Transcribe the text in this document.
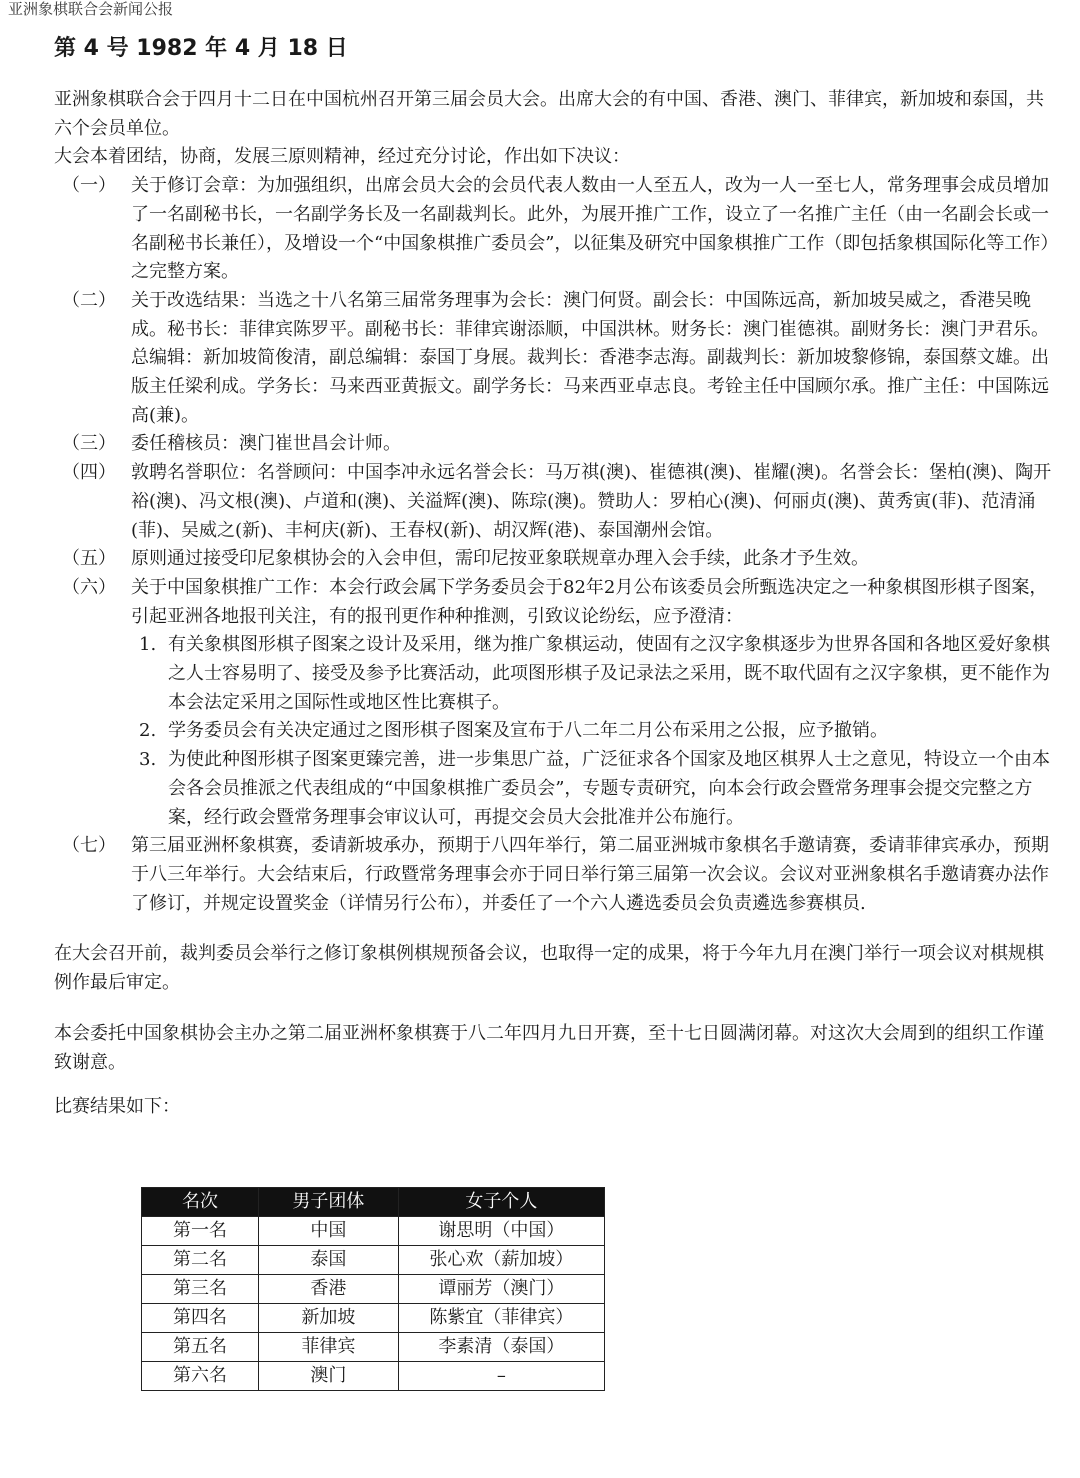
亚洲象棋联合会新闻公报
第 4 号 1982 年 4 月 18 日

亚洲象棋联合会于四月十二日在中国杭州召开第三届会员大会。出席大会的有中国、香港、澳门、菲律宾，新加坡和泰国，共六个会员单位。

大会本着团结，协商，发展三原则精神，经过充分讨论，作出如下决议：

（一） 关于修订会章：为加强组织，出席会员大会的会员代表人数由一人至五人，改为一人一至七人，常务理事会成员增加了一名副秘书长，一名副学务长及一名副裁判长。此外，为展开推广工作，设立了一名推广主任（由一名副会长或一名副秘书长兼任），及增设一个“中国象棋推广委员会”，以征集及研究中国象棋推广工作（即包括象棋国际化等工作）之完整方案。
（二） 关于改选结果：当选之十八名第三届常务理事为会长：澳门何贤。副会长：中国陈远高，新加坡吴威之，香港吴晚成。秘书长：菲律宾陈罗平。副秘书长：菲律宾谢添顺，中国洪林。财务长：澳门崔德祺。副财务长：澳门尹君乐。总编辑：新加坡简俊清，副总编辑：泰国丁身展。裁判长：香港李志海。副裁判长：新加坡黎修锦，泰国蔡文雄。出版主任梁利成。学务长：马来西亚黄振文。副学务长：马来西亚卓志良。考铨主任中国顾尔承。推广主任：中国陈远高(兼)。
（三） 委任稽核员：澳门崔世昌会计师。
（四） 敦聘名誉职位：名誉顾问：中国李冲永远名誉会长：马万祺(澳)、崔德祺(澳)、崔耀(澳)。名誉会长：堡柏(澳)、陶开裕(澳)、冯文根(澳)、卢道和(澳)、关溢辉(澳)、陈琮(澳)。赞助人：罗柏心(澳)、何丽贞(澳)、黄秀寅(菲)、范清涌(菲)、吴威之(新)、丰柯庆(新)、王春权(新)、胡汉辉(港)、泰国潮州会馆。
（五） 原则通过接受印尼象棋协会的入会申但，需印尼按亚象联规章办理入会手续，此条才予生效。
（六） 关于中国象棋推广工作：本会行政会属下学务委员会于82年2月公布该委员会所甄选决定之一种象棋图形棋子图案，引起亚洲各地报刊关注，有的报刊更作种种推测，引致议论纷纭，应予澄清：
1. 有关象棋图形棋子图案之设计及采用，继为推广象棋运动，使固有之汉字象棋逐步为世界各国和各地区爱好象棋之人士容易明了、接受及参予比赛活动，此项图形棋子及记录法之采用，既不取代固有之汉字象棋，更不能作为本会法定采用之国际性或地区性比赛棋子。
2. 学务委员会有关决定通过之图形棋子图案及宣布于八二年二月公布采用之公报，应予撤销。
3. 为使此种图形棋子图案更臻完善，进一步集思广益，广泛征求各个国家及地区棋界人士之意见，特设立一个由本会各会员推派之代表组成的“中国象棋推广委员会”，专题专责研究，向本会行政会暨常务理事会提交完整之方案，经行政会暨常务理事会审议认可，再提交会员大会批准并公布施行。
（七） 第三届亚洲杯象棋赛，委请新坡承办，预期于八四年举行，第二届亚洲城市象棋名手邀请赛，委请菲律宾承办，预期于八三年举行。大会结束后，行政暨常务理事会亦于同日举行第三届第一次会议。会议对亚洲象棋名手邀请赛办法作了修订，并规定设置奖金（详情另行公布），并委任了一个六人遴选委员会负责遴选参赛棋员.

在大会召开前，裁判委员会举行之修订象棋例棋规预备会议，也取得一定的成果，将于今年九月在澳门举行一项会议对棋规棋例作最后审定。

本会委托中国象棋协会主办之第二届亚洲杯象棋赛于八二年四月九日开赛，至十七日圆满闭幕。对这次大会周到的组织工作谨致谢意。

比赛结果如下：
名次	男子团体	女子个人
第一名	中国	谢思明（中国）
第二名	泰国	张心欢（薪加坡）
第三名	香港	谭丽芳（澳门）
第四名	新加坡	陈紫宜（菲律宾）
第五名	菲律宾	李素清（泰国）
第六名	澳门	–
